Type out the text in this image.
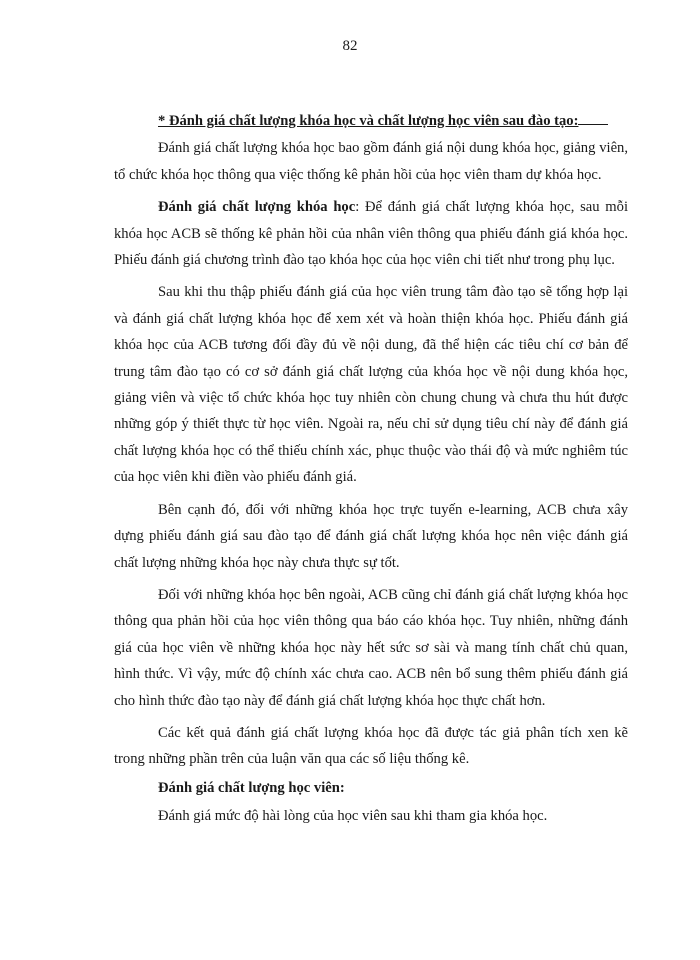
82
* Đánh giá chất lượng khóa học và chất lượng học viên sau đào tạo:

Đánh giá chất lượng khóa học bao gồm đánh giá nội dung khóa học, giảng viên, tổ chức khóa học thông qua việc thống kê phản hồi của học viên tham dự khóa học.

Đánh giá chất lượng khóa học: Để đánh giá chất lượng khóa học, sau mỗi khóa học ACB sẽ thống kê phản hồi của nhân viên thông qua phiếu đánh giá khóa học. Phiếu đánh giá chương trình đào tạo khóa học của học viên chi tiết như trong phụ lục.

Sau khi thu thập phiếu đánh giá của học viên trung tâm đào tạo sẽ tổng hợp lại và đánh giá chất lượng khóa học để xem xét và hoàn thiện khóa học. Phiếu đánh giá khóa học của ACB tương đối đầy đủ về nội dung, đã thể hiện các tiêu chí cơ bản để trung tâm đào tạo có cơ sở đánh giá chất lượng của khóa học về nội dung khóa học, giảng viên và việc tổ chức khóa học tuy nhiên còn chung chung và chưa thu hút được những góp ý thiết thực từ học viên. Ngoài ra, nếu chỉ sử dụng tiêu chí này để đánh giá chất lượng khóa học có thể thiếu chính xác, phục thuộc vào thái độ và mức nghiêm túc của học viên khi điền vào phiếu đánh giá.

Bên cạnh đó, đối với những khóa học trực tuyến e-learning, ACB chưa xây dựng phiếu đánh giá sau đào tạo để đánh giá chất lượng khóa học nên việc đánh giá chất lượng những khóa học này chưa thực sự tốt.

Đối với những khóa học bên ngoài, ACB cũng chỉ đánh giá chất lượng khóa học thông qua phản hồi của học viên thông qua báo cáo khóa học. Tuy nhiên, những đánh giá của học viên về những khóa học này hết sức sơ sài và mang tính chất chủ quan, hình thức. Vì vậy, mức độ chính xác chưa cao. ACB nên bổ sung thêm phiếu đánh giá cho hình thức đào tạo này để đánh giá chất lượng khóa học thực chất hơn.

Các kết quả đánh giá chất lượng khóa học đã được tác giả phân tích xen kẽ trong những phần trên của luận văn qua các số liệu thống kê.

Đánh giá chất lượng học viên:

Đánh giá mức độ hài lòng của học viên sau khi tham gia khóa học.
